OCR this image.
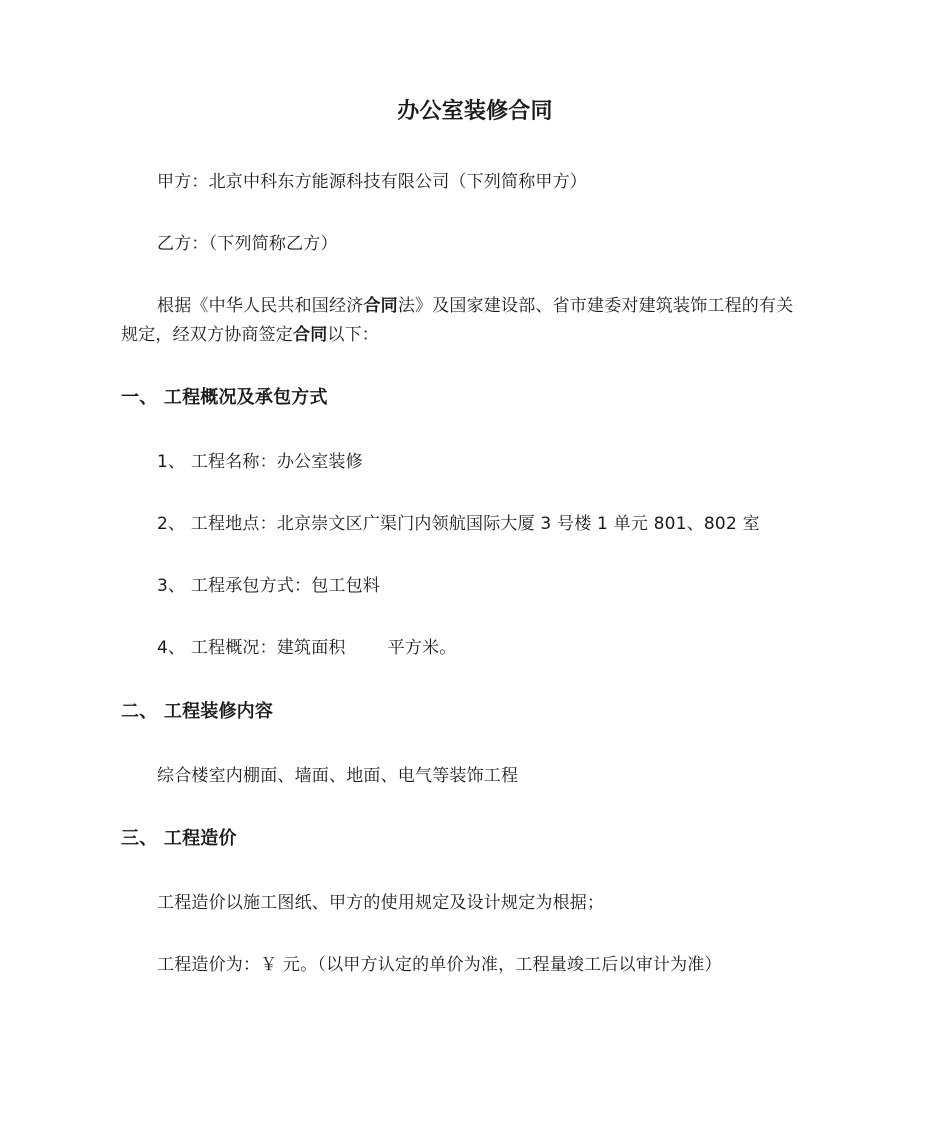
办公室装修合同
甲方：北京中科东方能源科技有限公司（下列简称甲方）
乙方：（下列简称乙方）
根据《中华人民共和国经济合同法》及国家建设部、省市建委对建筑装饰工程的有关
规定，经双方协商签定合同以下：
一、 工程概况及承包方式
1、 工程名称：办公室装修
2、 工程地点：北京崇文区广渠门内领航国际大厦 3 号楼 1 单元 801、802 室
3、 工程承包方式：包工包料
4、 工程概况：建筑面积 平方米。
二、 工程装修内容
综合楼室内棚面、墙面、地面、电气等装饰工程
三、 工程造价
工程造价以施工图纸、甲方的使用规定及设计规定为根据；
工程造价为：￥ 元。（以甲方认定的单价为准，工程量竣工后以审计为准）
